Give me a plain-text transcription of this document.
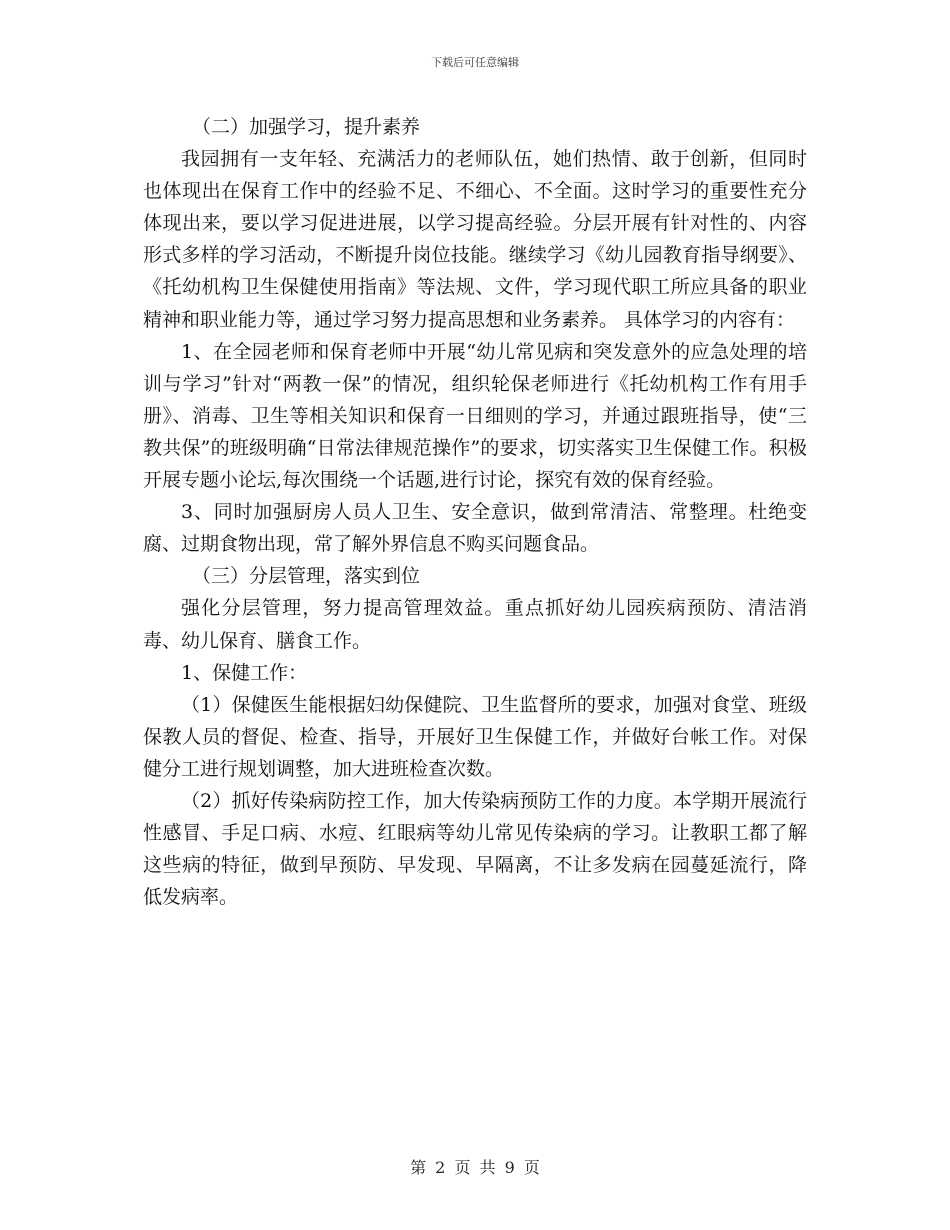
下载后可任意编辑

（二）加强学习，提升素养

我园拥有一支年轻、充满活力的老师队伍，她们热情、敢于创新，但同时也体现出在保育工作中的经验不足、不细心、不全面。这时学习的重要性充分体现出来，要以学习促进进展，以学习提高经验。分层开展有针对性的、内容形式多样的学习活动，不断提升岗位技能。继续学习《幼儿园教育指导纲要》、《托幼机构卫生保健使用指南》等法规、文件，学习现代职工所应具备的职业精神和职业能力等，通过学习努力提高思想和业务素养。 具体学习的内容有：

1、在全园老师和保育老师中开展“幼儿常见病和突发意外的应急处理的培训与学习”针对“两教一保”的情况，组织轮保老师进行《托幼机构工作有用手册》、消毒、卫生等相关知识和保育一日细则的学习，并通过跟班指导，使“三教共保”的班级明确“日常法律规范操作”的要求，切实落实卫生保健工作。积极开展专题小论坛,每次围绕一个话题,进行讨论，探究有效的保育经验。

3、同时加强厨房人员人卫生、安全意识，做到常清洁、常整理。杜绝变腐、过期食物出现，常了解外界信息不购买问题食品。

（三）分层管理，落实到位

强化分层管理，努力提高管理效益。重点抓好幼儿园疾病预防、清洁消毒、幼儿保育、膳食工作。

1、保健工作：

（1）保健医生能根据妇幼保健院、卫生监督所的要求，加强对食堂、班级保教人员的督促、检查、指导，开展好卫生保健工作，并做好台帐工作。对保健分工进行规划调整，加大进班检查次数。

（2）抓好传染病防控工作，加大传染病预防工作的力度。本学期开展流行性感冒、手足口病、水痘、红眼病等幼儿常见传染病的学习。让教职工都了解这些病的特征，做到早预防、早发现、早隔离，不让多发病在园蔓延流行，降低发病率。

第 2 页 共 9 页
